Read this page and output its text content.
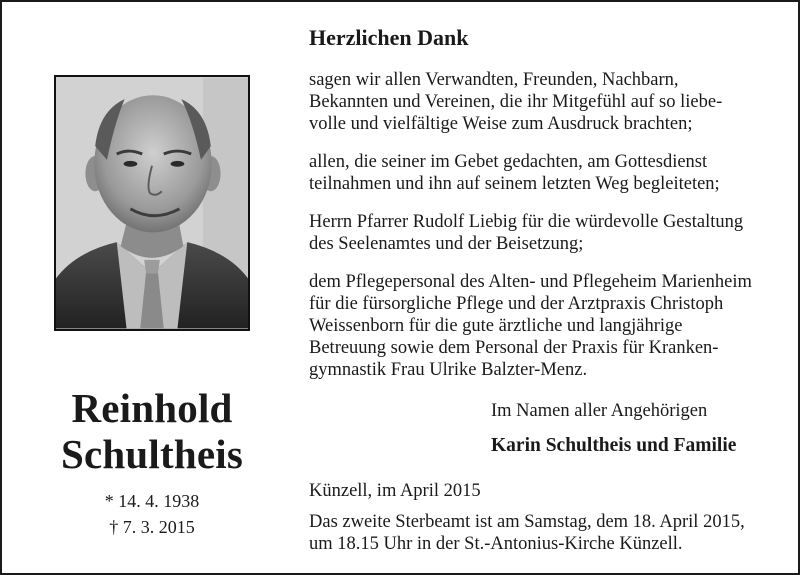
Reinhold
Schultheis
* 14. 4. 1938
† 7. 3. 2015
Herzlichen Dank

sagen wir allen Verwandten, Freunden, Nachbarn,
Bekannten und Vereinen, die ihr Mitgefühl auf so liebe-
volle und vielfältige Weise zum Ausdruck brachten;

allen, die seiner im Gebet gedachten, am Gottesdienst
teilnahmen und ihn auf seinem letzten Weg begleiteten;

Herrn Pfarrer Rudolf Liebig für die würdevolle Gestaltung
des Seelenamtes und der Beisetzung;

dem Pflegepersonal des Alten- und Pflegeheim Marienheim
für die fürsorgliche Pflege und der Arztpraxis Christoph
Weissenborn für die gute ärztliche und langjährige
Betreuung sowie dem Personal der Praxis für Kranken-
gymnastik Frau Ulrike Balzter-Menz.

Im Namen aller Angehörigen
Karin Schultheis und Familie
Künzell, im April 2015
Das zweite Sterbeamt ist am Samstag, dem 18. April 2015,
um 18.15 Uhr in der St.-Antonius-Kirche Künzell.
